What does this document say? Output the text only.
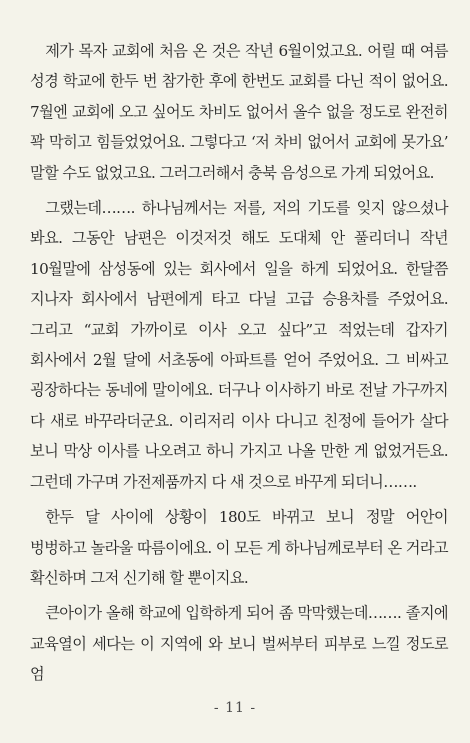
제가 목자 교회에 처음 온 것은 작년 6월이었고요. 어릴 때 여름 성경 학교에 한두 번 참가한 후에 한번도 교회를 다닌 적이 없어요. 7월엔 교회에 오고 싶어도 차비도 없어서 올수 없을 정도로 완전히 꽉 막히고 힘들었었어요. 그렇다고 ‘저 차비 없어서 교회에 못가요’ 말할 수도 없었고요. 그러그러해서 충북 음성으로 가게 되었어요.

그랬는데……. 하나님께서는 저를, 저의 기도를 잊지 않으셨나 봐요. 그동안 남편은 이것저것 해도 도대체 안 풀리더니 작년 10월말에 삼성동에 있는 회사에서 일을 하게 되었어요. 한달쯤 지나자 회사에서 남편에게 타고 다닐 고급 승용차를 주었어요. 그리고 “교회 가까이로 이사 오고 싶다”고 적었는데 갑자기 회사에서 2월 달에 서초동에 아파트를 얻어 주었어요. 그 비싸고 굉장하다는 동네에 말이에요. 더구나 이사하기 바로 전날 가구까지 다 새로 바꾸라더군요. 이리저리 이사 다니고 친정에 들어가 살다 보니 막상 이사를 나오려고 하니 가지고 나올 만한 게 없었거든요. 그런데 가구며 가전제품까지 다 새 것으로 바꾸게 되더니…….

한두 달 사이에 상황이 180도 바뀌고 보니 정말 어안이 벙벙하고 놀라울 따름이에요. 이 모든 게 하나님께로부터 온 거라고 확신하며 그저 신기해 할 뿐이지요.

큰아이가 올해 학교에 입학하게 되어 좀 막막했는데……. 졸지에 교육열이 세다는 이 지역에 와 보니 벌써부터 피부로 느낄 정도로 엄

- 11 -
